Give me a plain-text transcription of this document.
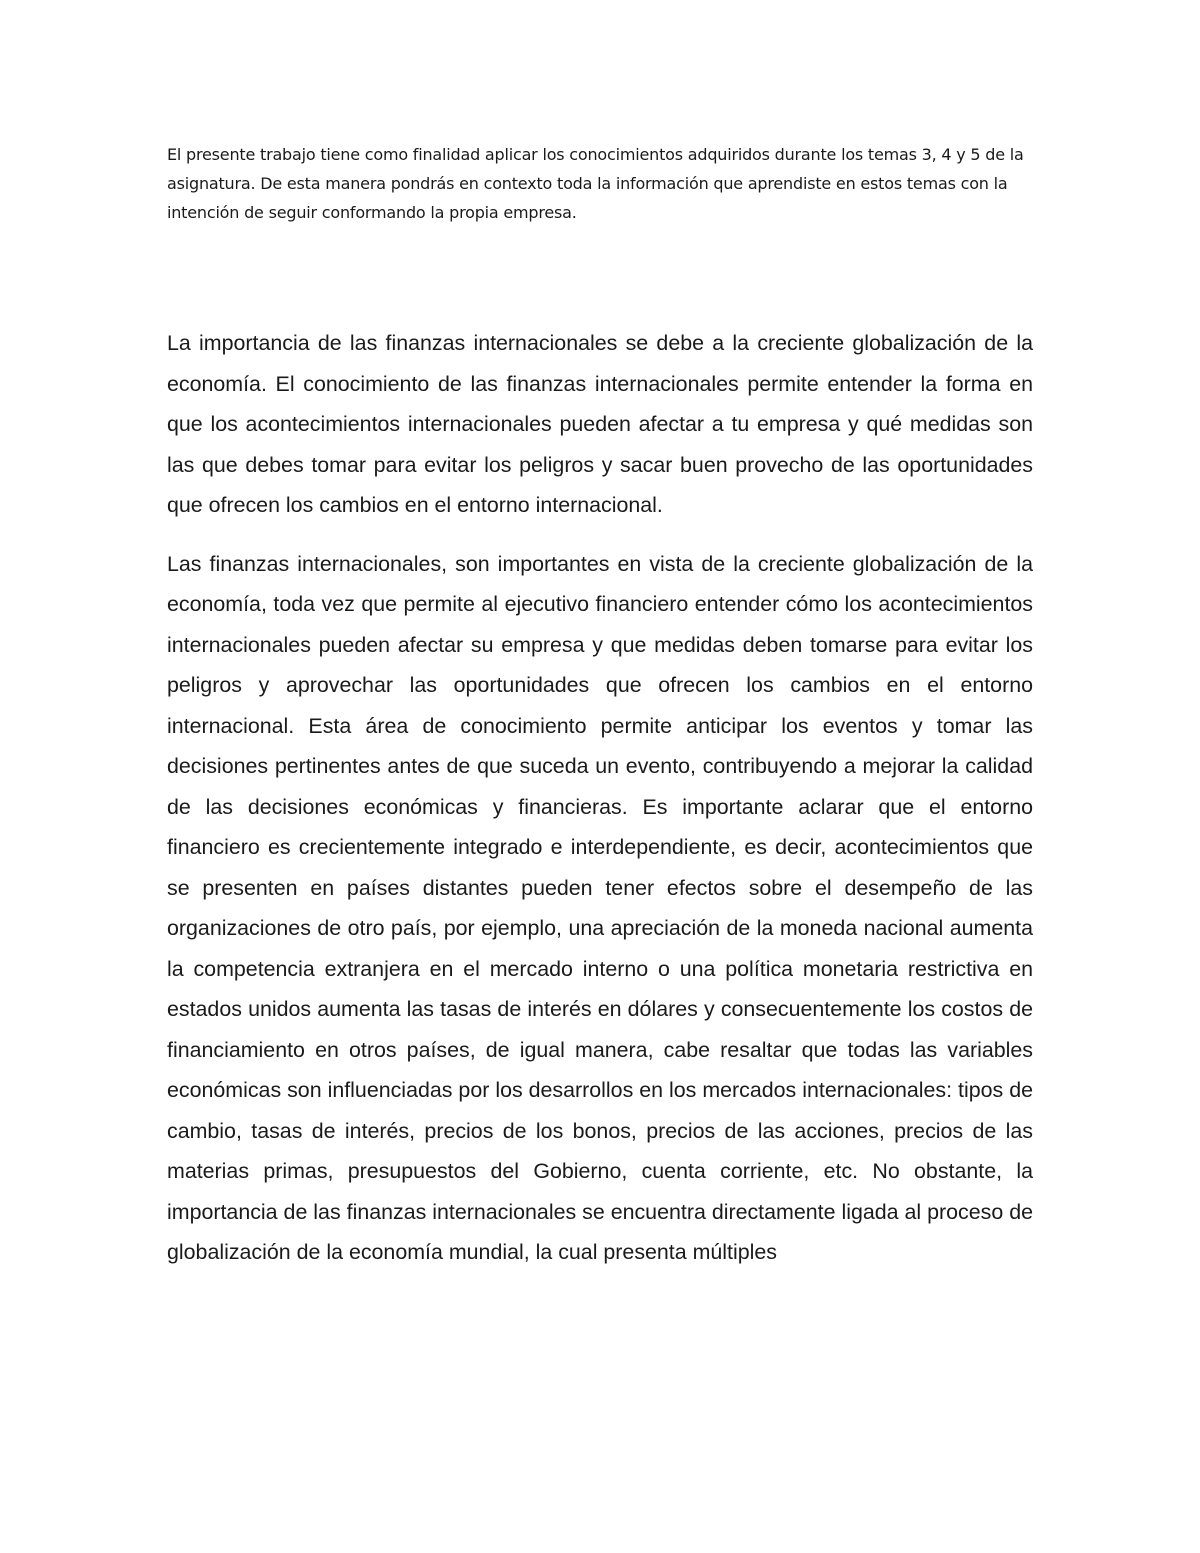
El presente trabajo tiene como finalidad aplicar los conocimientos adquiridos durante los temas 3, 4 y 5 de la asignatura. De esta manera pondrás en contexto toda la información que aprendiste en estos temas con la intención de seguir conformando la propia empresa.

La importancia de las finanzas internacionales se debe a la creciente globalización de la economía. El conocimiento de las finanzas internacionales permite entender la forma en que los acontecimientos internacionales pueden afectar a tu empresa y qué medidas son las que debes tomar para evitar los peligros y sacar buen provecho de las oportunidades que ofrecen los cambios en el entorno internacional.

Las finanzas internacionales, son importantes en vista de la creciente globalización de la economía, toda vez que permite al ejecutivo financiero entender cómo los acontecimientos internacionales pueden afectar su empresa y que medidas deben tomarse para evitar los peligros y aprovechar las oportunidades que ofrecen los cambios en el entorno internacional. Esta área de conocimiento permite anticipar los eventos y tomar las decisiones pertinentes antes de que suceda un evento, contribuyendo a mejorar la calidad de las decisiones económicas y financieras. Es importante aclarar que el entorno financiero es crecientemente integrado e interdependiente, es decir, acontecimientos que se presenten en países distantes pueden tener efectos sobre el desempeño de las organizaciones de otro país, por ejemplo, una apreciación de la moneda nacional aumenta la competencia extranjera en el mercado interno o una política monetaria restrictiva en estados unidos aumenta las tasas de interés en dólares y consecuentemente los costos de financiamiento en otros países, de igual manera, cabe resaltar que todas las variables económicas son influenciadas por los desarrollos en los mercados internacionales: tipos de cambio, tasas de interés, precios de los bonos, precios de las acciones, precios de las materias primas, presupuestos del Gobierno, cuenta corriente, etc. No obstante, la importancia de las finanzas internacionales se encuentra directamente ligada al proceso de globalización de la economía mundial, la cual presenta múltiples
